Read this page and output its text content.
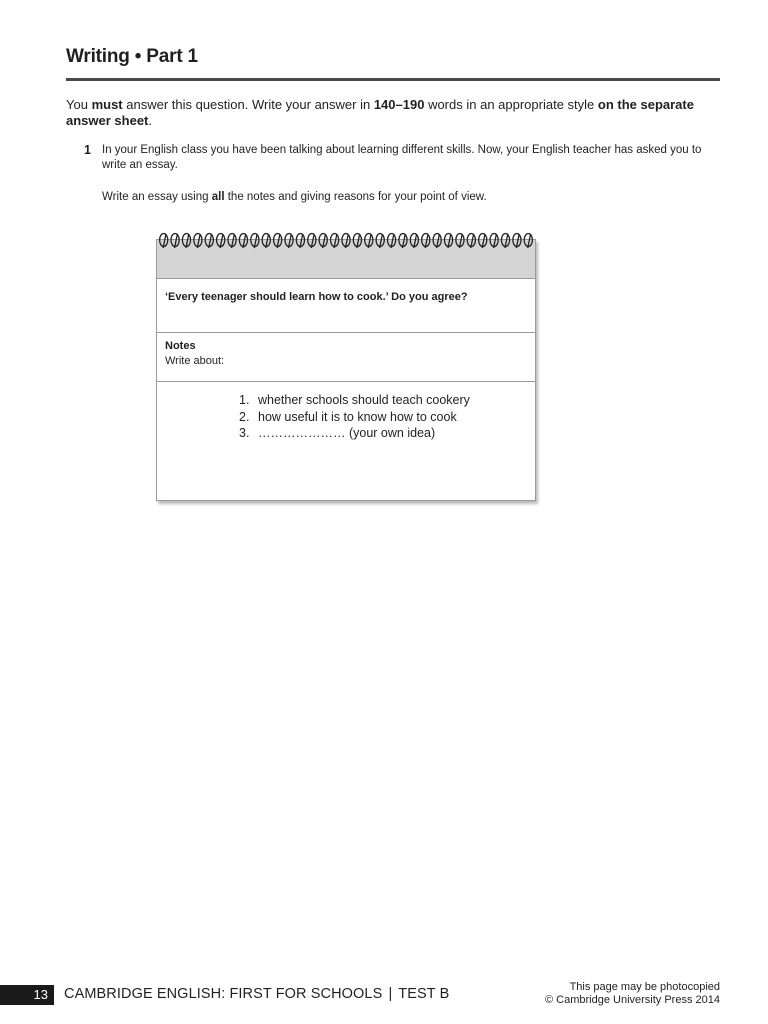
Writing • Part 1
You must answer this question. Write your answer in 140–190 words in an appropriate style on the separate answer sheet.
1 In your English class you have been talking about learning different skills. Now, your English teacher has asked you to write an essay.
Write an essay using all the notes and giving reasons for your point of view.
‘Every teenager should learn how to cook.’ Do you agree?
Notes
Write about:
1. whether schools should teach cookery
2. how useful it is to know how to cook
3. ………………… (your own idea)
13	CAMBRIDGE ENGLISH: FIRST FOR SCHOOLS | TEST B	This page may be photocopied
© Cambridge University Press 2014
